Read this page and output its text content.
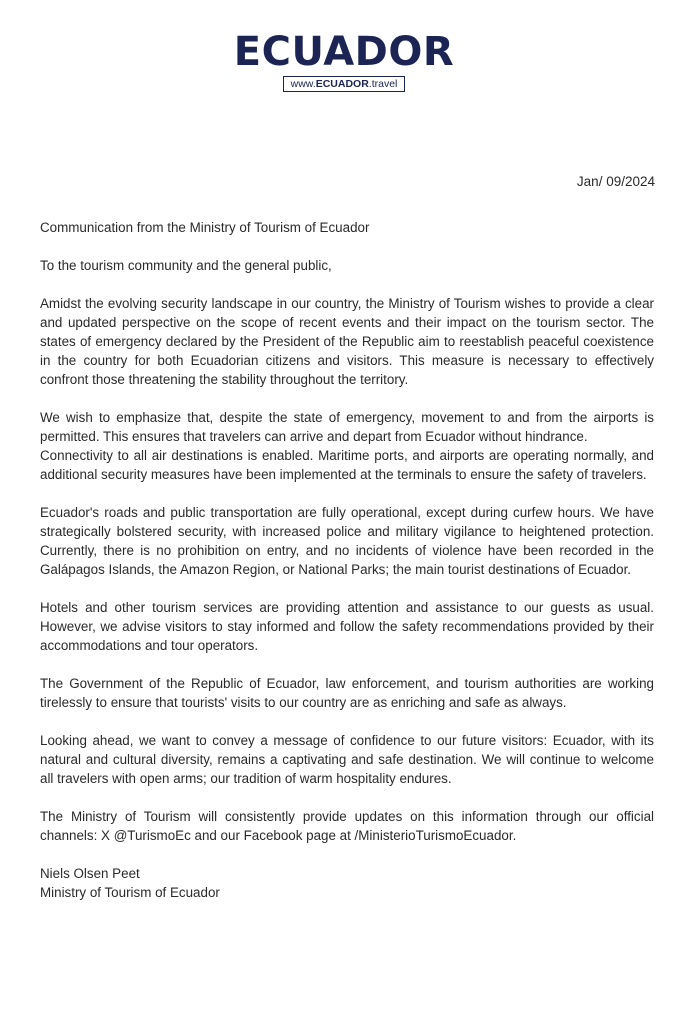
ECUADOR
www.ECUADOR.travel
Jan/ 09/2024

Communication from the Ministry of Tourism of Ecuador

To the tourism community and the general public,

Amidst the evolving security landscape in our country, the Ministry of Tourism wishes to provide a clear and updated perspective on the scope of recent events and their impact on the tourism sector. The states of emergency declared by the President of the Republic aim to reestablish peaceful coexistence in the country for both Ecuadorian citizens and visitors. This measure is necessary to effectively confront those threatening the stability throughout the territory.

We wish to emphasize that, despite the state of emergency, movement to and from the airports is permitted. This ensures that travelers can arrive and depart from Ecuador without hindrance.
Connectivity to all air destinations is enabled. Maritime ports, and airports are operating normally, and additional security measures have been implemented at the terminals to ensure the safety of travelers.

Ecuador's roads and public transportation are fully operational, except during curfew hours. We have strategically bolstered security, with increased police and military vigilance to heightened protection. Currently, there is no prohibition on entry, and no incidents of violence have been recorded in the Galápagos Islands, the Amazon Region, or National Parks; the main tourist destinations of Ecuador.

Hotels and other tourism services are providing attention and assistance to our guests as usual. However, we advise visitors to stay informed and follow the safety recommendations provided by their accommodations and tour operators.

The Government of the Republic of Ecuador, law enforcement, and tourism authorities are working tirelessly to ensure that tourists' visits to our country are as enriching and safe as always.

Looking ahead, we want to convey a message of confidence to our future visitors: Ecuador, with its natural and cultural diversity, remains a captivating and safe destination. We will continue to welcome all travelers with open arms; our tradition of warm hospitality endures.

The Ministry of Tourism will consistently provide updates on this information through our official channels: X @TurismoEc and our Facebook page at /MinisterioTurismoEcuador.

Niels Olsen Peet

Ministry of Tourism of Ecuador
